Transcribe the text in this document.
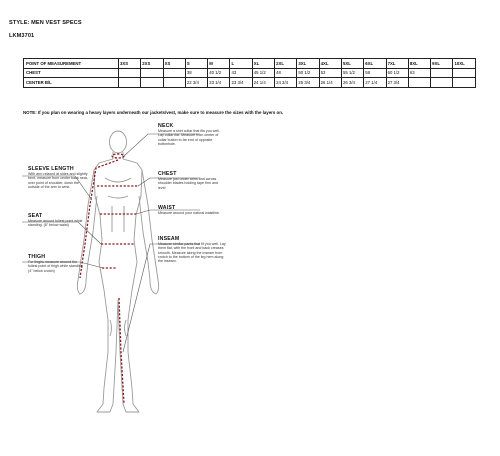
STYLE: MEN VEST SPECS
LKM3701
POINT OF MEASUREMENT	3XS	2XS	XS	S	M	L	XL	2XL	3XL	4XL	5XL	6XL	7XL	8XL	9XL	10XL
CHEST				38	40 1/2	43	45 1/2	48	50 1/2	53	55 1/2	58	60 1/2	63		
CENTER B/L				22 3/4	23 1/4	23 3/4	24 1/4	24 3/4	25 3/4	26 1/4	26 3/4	27 1/4	27 3/4			
NOTE: If you plan on wearing a heavy layers underneath our jackets/vest, make sure to measure the sizes with the layers on.
NECK
Measure a shirt collar that fits you well. Lay collar flat. Measure from center of collar button to far end of opposite buttonhole.
CHEST
Measure just under arms and across shoulder blades holding tape firm and level
WAIST
Measure around your natural waistline.
INSEAM
Measure similar pants that fit you well. Lay them flat, with the front and back creases smooth. Measure along the inseam from crotch to the bottom of the leg hem along the inseam.
SLEEVE LENGTH
With arm relaxed at sides and slightly bent, measure from center back neck, over point of shoulder, down the outside of the arm to wrist.
SEAT
Measure around fullest point while standing. (8" below waist)
THIGH
For thighs measure around the fullest point of thigh while standing (4" below crotch)
